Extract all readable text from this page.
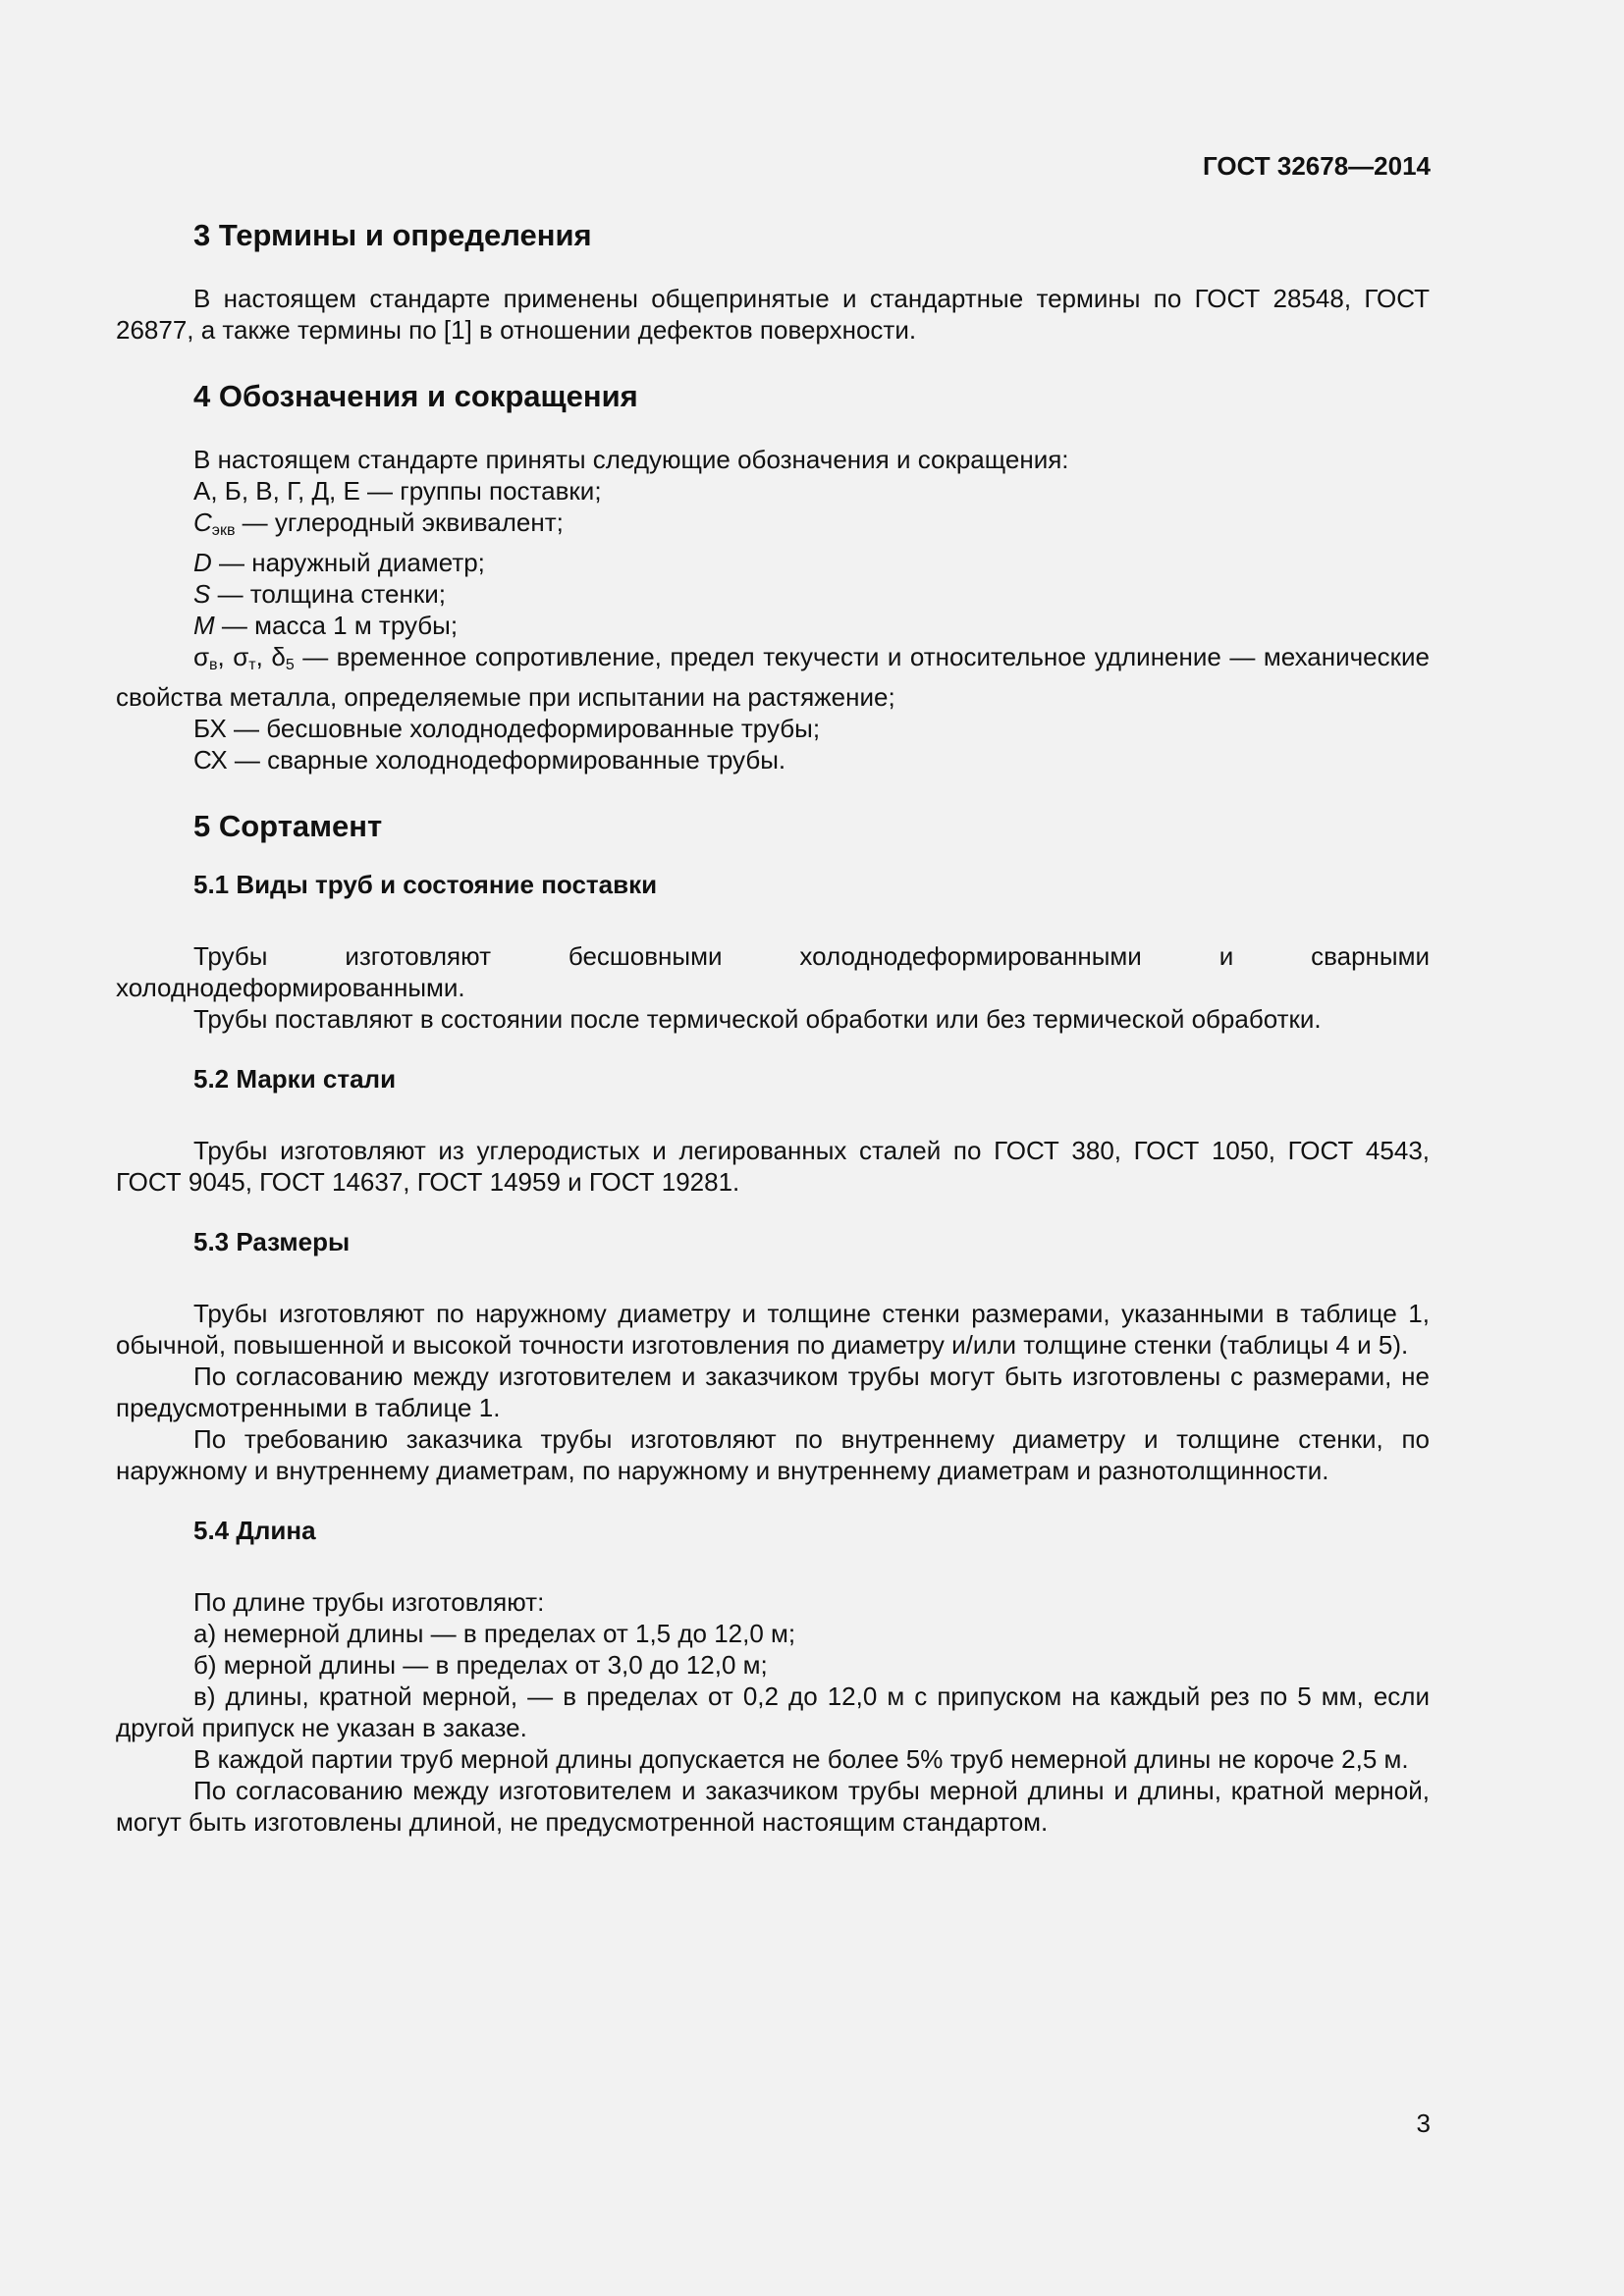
ГОСТ 32678—2014
3 Термины и определения

В настоящем стандарте применены общепринятые и стандартные термины по ГОСТ 28548, ГОСТ 26877, а также термины по [1] в отношении дефектов поверхности.

4 Обозначения и сокращения
В настоящем стандарте приняты следующие обозначения и сокращения:
А, Б, В, Г, Д, Е — группы поставки;
$C_{экв}$ — углеродный эквивалент;
D — наружный диаметр;
S — толщина стенки;
M — масса 1 м трубы;

$\sigma_в$, $\sigma_т$, $\delta_5$ — временное сопротивление, предел текучести и относительное удлинение — механические свойства металла, определяемые при испытании на растяжение;

БХ — бесшовные холоднодеформированные трубы;
СХ — сварные холоднодеформированные трубы.
5 Сортамент
5.1 Виды труб и состояние поставки

Трубы изготовляют бесшовными холоднодеформированными и сварными холоднодеформированными.

Трубы поставляют в состоянии после термической обработки или без термической обработки.

5.2 Марки стали

Трубы изготовляют из углеродистых и легированных сталей по ГОСТ 380, ГОСТ 1050, ГОСТ 4543, ГОСТ 9045, ГОСТ 14637, ГОСТ 14959 и ГОСТ 19281.

5.3 Размеры

Трубы изготовляют по наружному диаметру и толщине стенки размерами, указанными в таблице 1, обычной, повышенной и высокой точности изготовления по диаметру и/или толщине стенки (таблицы 4 и 5).

По согласованию между изготовителем и заказчиком трубы могут быть изготовлены с размерами, не предусмотренными в таблице 1.

По требованию заказчика трубы изготовляют по внутреннему диаметру и толщине стенки, по наружному и внутреннему диаметрам, по наружному и внутреннему диаметрам и разнотолщинности.

5.4 Длина
По длине трубы изготовляют:
а) немерной длины — в пределах от 1,5 до 12,0 м;
б) мерной длины — в пределах от 3,0 до 12,0 м;

в) длины, кратной мерной, — в пределах от 0,2 до 12,0 м с припуском на каждый рез по 5 мм, если другой припуск не указан в заказе.

В каждой партии труб мерной длины допускается не более 5% труб немерной длины не короче 2,5 м.

По согласованию между изготовителем и заказчиком трубы мерной длины и длины, кратной мерной, могут быть изготовлены длиной, не предусмотренной настоящим стандартом.

3
